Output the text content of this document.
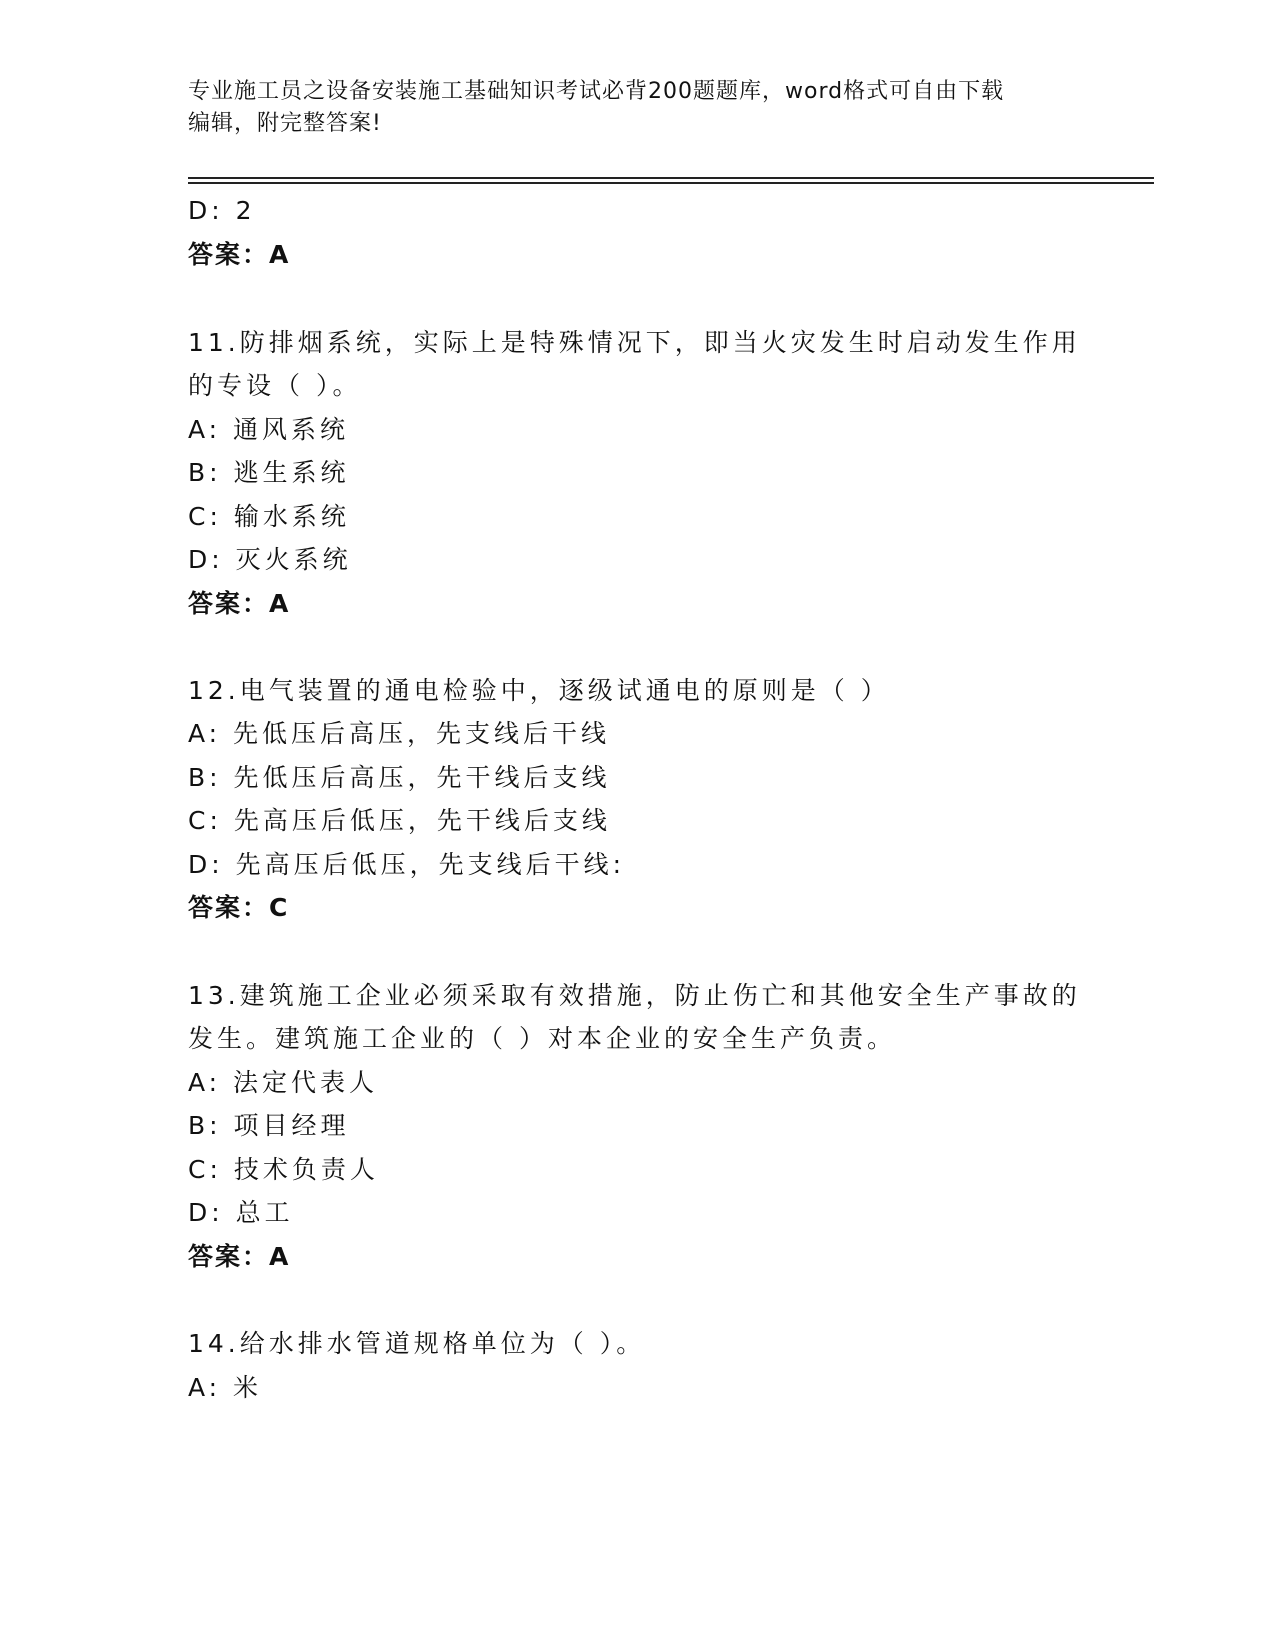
专业施工员之设备安装施工基础知识考试必背200题题库，word格式可自由下载
编辑，附完整答案!
D: 2
答案：A
11.防排烟系统，实际上是特殊情况下，即当火灾发生时启动发生作用
的专设（ ）。
A: 通风系统
B: 逃生系统
C: 输水系统
D: 灭火系统
答案：A
12.电气装置的通电检验中，逐级试通电的原则是（ ）
A: 先低压后高压，先支线后干线
B: 先低压后高压，先干线后支线
C: 先高压后低压，先干线后支线
D: 先高压后低压，先支线后干线:
答案：C
13.建筑施工企业必须采取有效措施，防止伤亡和其他安全生产事故的
发生。建筑施工企业的（ ）对本企业的安全生产负责。
A: 法定代表人
B: 项目经理
C: 技术负责人
D: 总工
答案：A
14.给水排水管道规格单位为（ ）。
A: 米
